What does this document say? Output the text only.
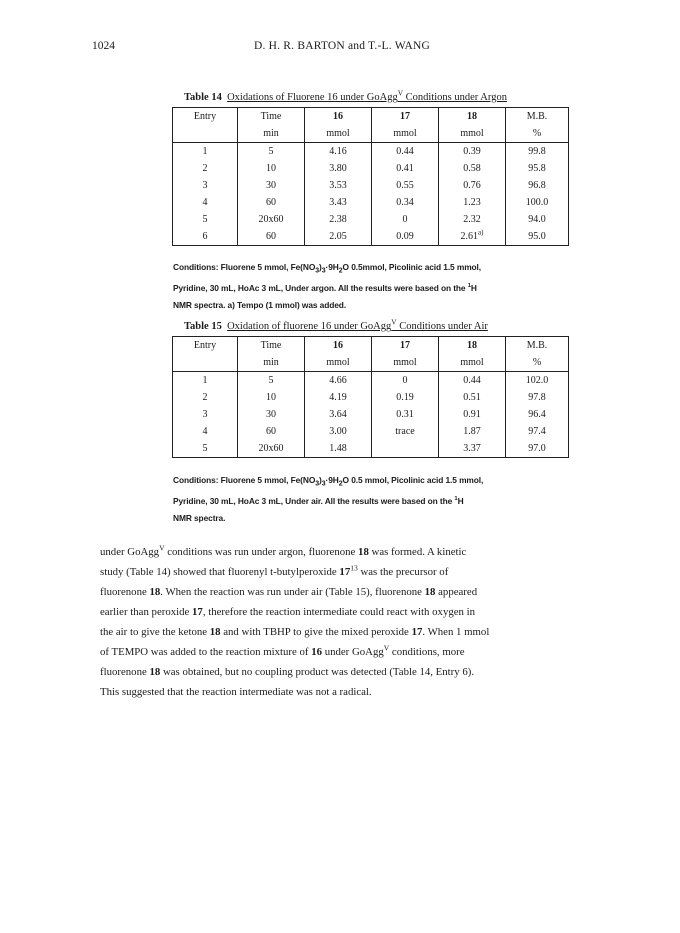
1024	D. H. R. BARTON and T.-L. WANG
Table 14 Oxidations of Fluorene 16 under GoAgg$^V$ Conditions under Argon
Entry	Time	16	17	18	M.B.
	min	mmol	mmol	mmol	%
1	5	4.16	0.44	0.39	99.8
2	10	3.80	0.41	0.58	95.8
3	30	3.53	0.55	0.76	96.8
4	60	3.43	0.34	1.23	100.0
5	20x60	2.38	0	2.32	94.0
6	60	2.05	0.09	2.61$^{a)}$	95.0
Conditions: Fluorene 5 mmol, $Fe(NO_3)_3\cdot 9H_2O$ 0.5mmol, Picolinic acid 1.5 mmol,
Pyridine, 30 mL, HoAc 3 mL, Under argon. All the results were based on the $^1$H
NMR spectra. a) Tempo (1 mmol) was added.
Table 15 Oxidation of fluorene 16 under GoAgg$^V$ Conditions under Air
Entry	Time	16	17	18	M.B.
	min	mmol	mmol	mmol	%
1	5	4.66	0	0.44	102.0
2	10	4.19	0.19	0.51	97.8
3	30	3.64	0.31	0.91	96.4
4	60	3.00	trace	1.87	97.4
5	20x60	1.48		3.37	97.0
Conditions: Fluorene 5 mmol, $Fe(NO_3)_3\cdot 9H_2O$ 0.5 mmol, Picolinic acid 1.5 mmol,
Pyridine, 30 mL, HoAc 3 mL, Under air. All the results were based on the $^1$H
NMR spectra.
under GoAgg$^V$ conditions was run under argon, fluorenone 18 was formed. A kinetic
study (Table 14) showed that fluorenyl t-butylperoxide $17^{13}$ was the precursor of
fluorenone 18. When the reaction was run under air (Table 15), fluorenone 18 appeared
earlier than peroxide 17, therefore the reaction intermediate could react with oxygen in
the air to give the ketone 18 and with TBHP to give the mixed peroxide 17. When 1 mmol
of TEMPO was added to the reaction mixture of 16 under GoAgg$^V$ conditions, more
fluorenone 18 was obtained, but no coupling product was detected (Table 14, Entry 6).
This suggested that the reaction intermediate was not a radical.
